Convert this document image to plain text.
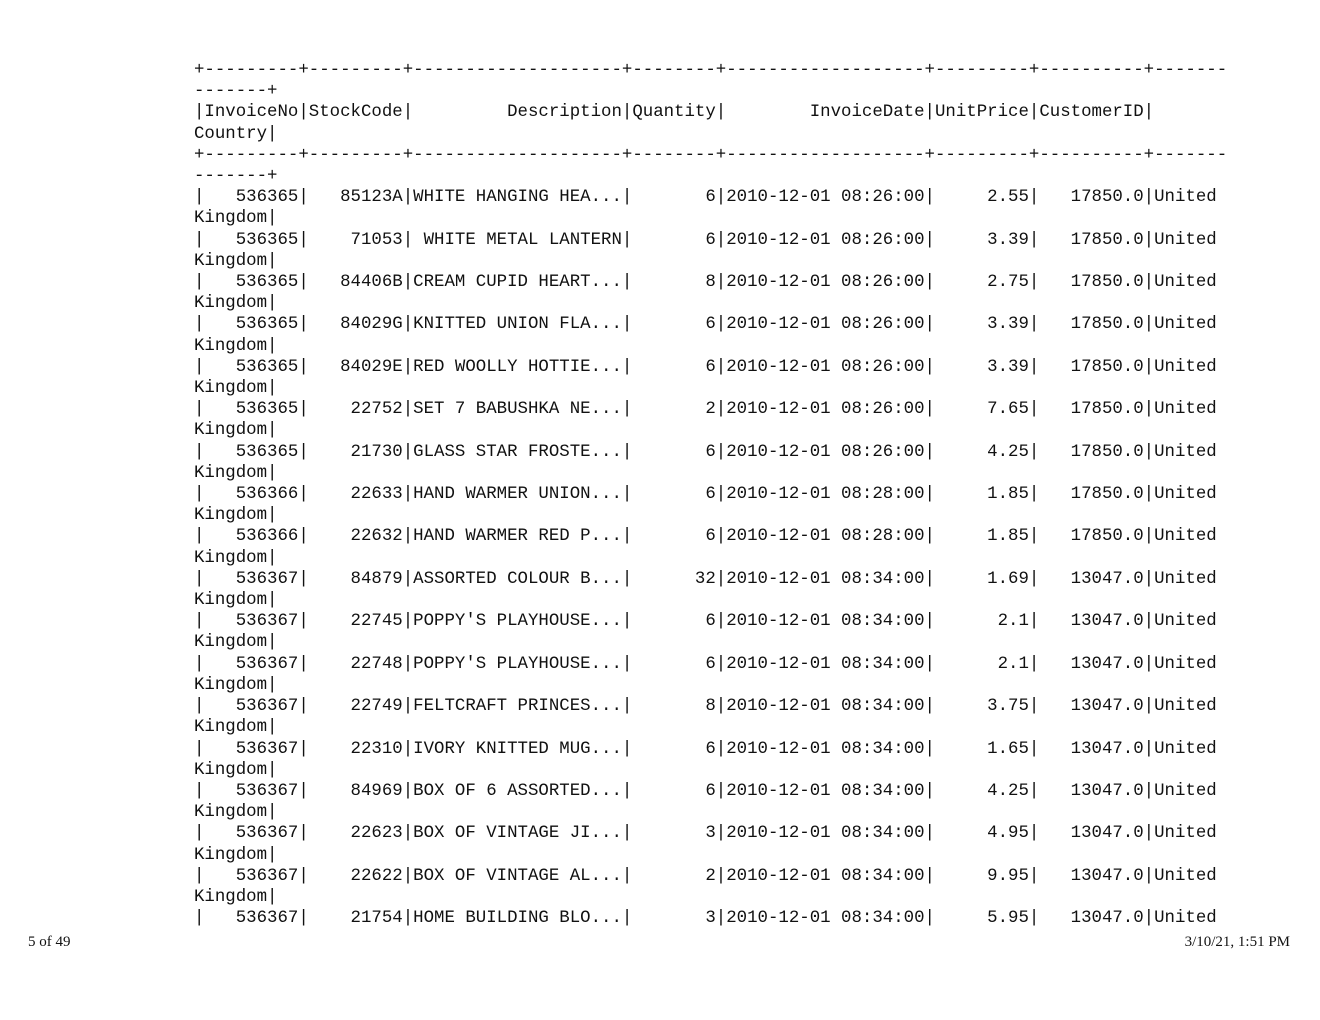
+---------+---------+--------------------+--------+-------------------+---------+----------+-------
-------+
|InvoiceNo|StockCode|         Description|Quantity|        InvoiceDate|UnitPrice|CustomerID|
Country|
+---------+---------+--------------------+--------+-------------------+---------+----------+-------
-------+
|   536365|   85123A|WHITE HANGING HEA...|       6|2010-12-01 08:26:00|     2.55|   17850.0|United
Kingdom|
|   536365|    71053| WHITE METAL LANTERN|       6|2010-12-01 08:26:00|     3.39|   17850.0|United
Kingdom|
|   536365|   84406B|CREAM CUPID HEART...|       8|2010-12-01 08:26:00|     2.75|   17850.0|United
Kingdom|
|   536365|   84029G|KNITTED UNION FLA...|       6|2010-12-01 08:26:00|     3.39|   17850.0|United
Kingdom|
|   536365|   84029E|RED WOOLLY HOTTIE...|       6|2010-12-01 08:26:00|     3.39|   17850.0|United
Kingdom|
|   536365|    22752|SET 7 BABUSHKA NE...|       2|2010-12-01 08:26:00|     7.65|   17850.0|United
Kingdom|
|   536365|    21730|GLASS STAR FROSTE...|       6|2010-12-01 08:26:00|     4.25|   17850.0|United
Kingdom|
|   536366|    22633|HAND WARMER UNION...|       6|2010-12-01 08:28:00|     1.85|   17850.0|United
Kingdom|
|   536366|    22632|HAND WARMER RED P...|       6|2010-12-01 08:28:00|     1.85|   17850.0|United
Kingdom|
|   536367|    84879|ASSORTED COLOUR B...|      32|2010-12-01 08:34:00|     1.69|   13047.0|United
Kingdom|
|   536367|    22745|POPPY'S PLAYHOUSE...|       6|2010-12-01 08:34:00|      2.1|   13047.0|United
Kingdom|
|   536367|    22748|POPPY'S PLAYHOUSE...|       6|2010-12-01 08:34:00|      2.1|   13047.0|United
Kingdom|
|   536367|    22749|FELTCRAFT PRINCES...|       8|2010-12-01 08:34:00|     3.75|   13047.0|United
Kingdom|
|   536367|    22310|IVORY KNITTED MUG...|       6|2010-12-01 08:34:00|     1.65|   13047.0|United
Kingdom|
|   536367|    84969|BOX OF 6 ASSORTED...|       6|2010-12-01 08:34:00|     4.25|   13047.0|United
Kingdom|
|   536367|    22623|BOX OF VINTAGE JI...|       3|2010-12-01 08:34:00|     4.95|   13047.0|United
Kingdom|
|   536367|    22622|BOX OF VINTAGE AL...|       2|2010-12-01 08:34:00|     9.95|   13047.0|United
Kingdom|
|   536367|    21754|HOME BUILDING BLO...|       3|2010-12-01 08:34:00|     5.95|   13047.0|United
5 of 49	3/10/21, 1:51 PM
